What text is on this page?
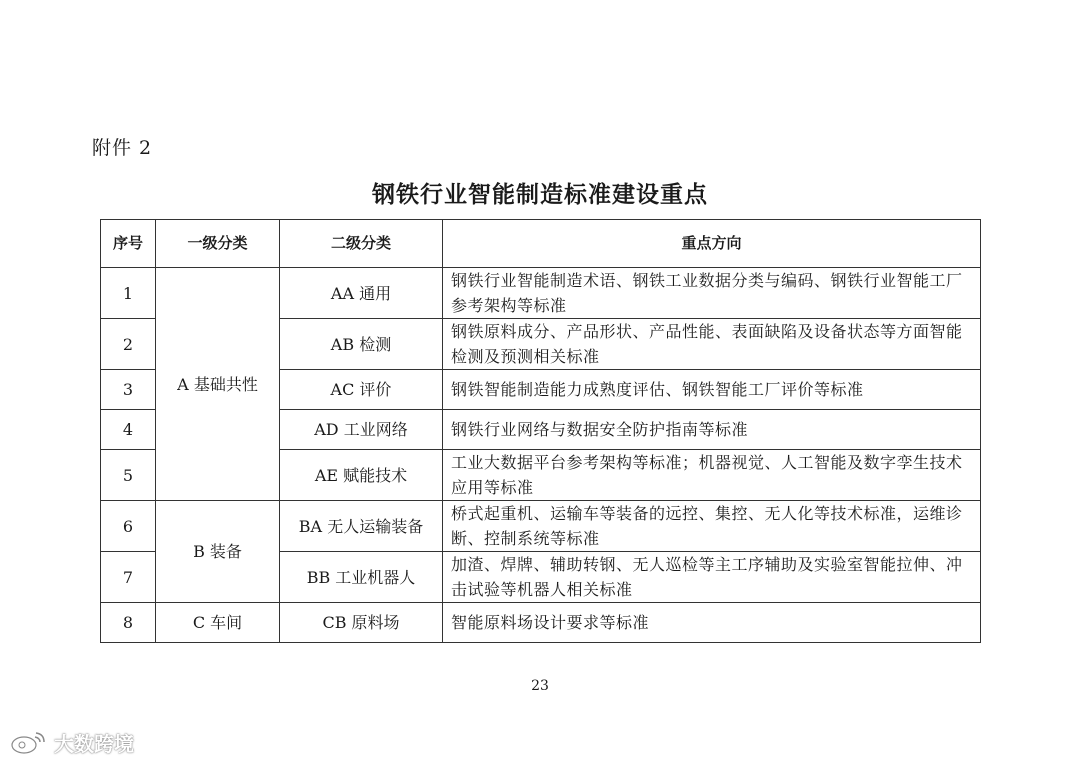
附件 2
钢铁行业智能制造标准建设重点
序号	一级分类	二级分类	重点方向
1	A 基础共性	AA 通用	钢铁行业智能制造术语、钢铁工业数据分类与编码、钢铁行业智能工厂参考架构等标准
2		AB 检测	钢铁原料成分、产品形状、产品性能、表面缺陷及设备状态等方面智能检测及预测相关标准
3		AC 评价	钢铁智能制造能力成熟度评估、钢铁智能工厂评价等标准
4		AD 工业网络	钢铁行业网络与数据安全防护指南等标准
5		AE 赋能技术	工业大数据平台参考架构等标准；机器视觉、人工智能及数字孪生技术应用等标准
6	B 装备	BA 无人运输装备	桥式起重机、运输车等装备的远控、集控、无人化等技术标准，运维诊断、控制系统等标准
7		BB 工业机器人	加渣、焊牌、辅助转钢、无人巡检等主工序辅助及实验室智能拉伸、冲击试验等机器人相关标准
8	C 车间	CB 原料场	智能原料场设计要求等标准
23
大数跨境
